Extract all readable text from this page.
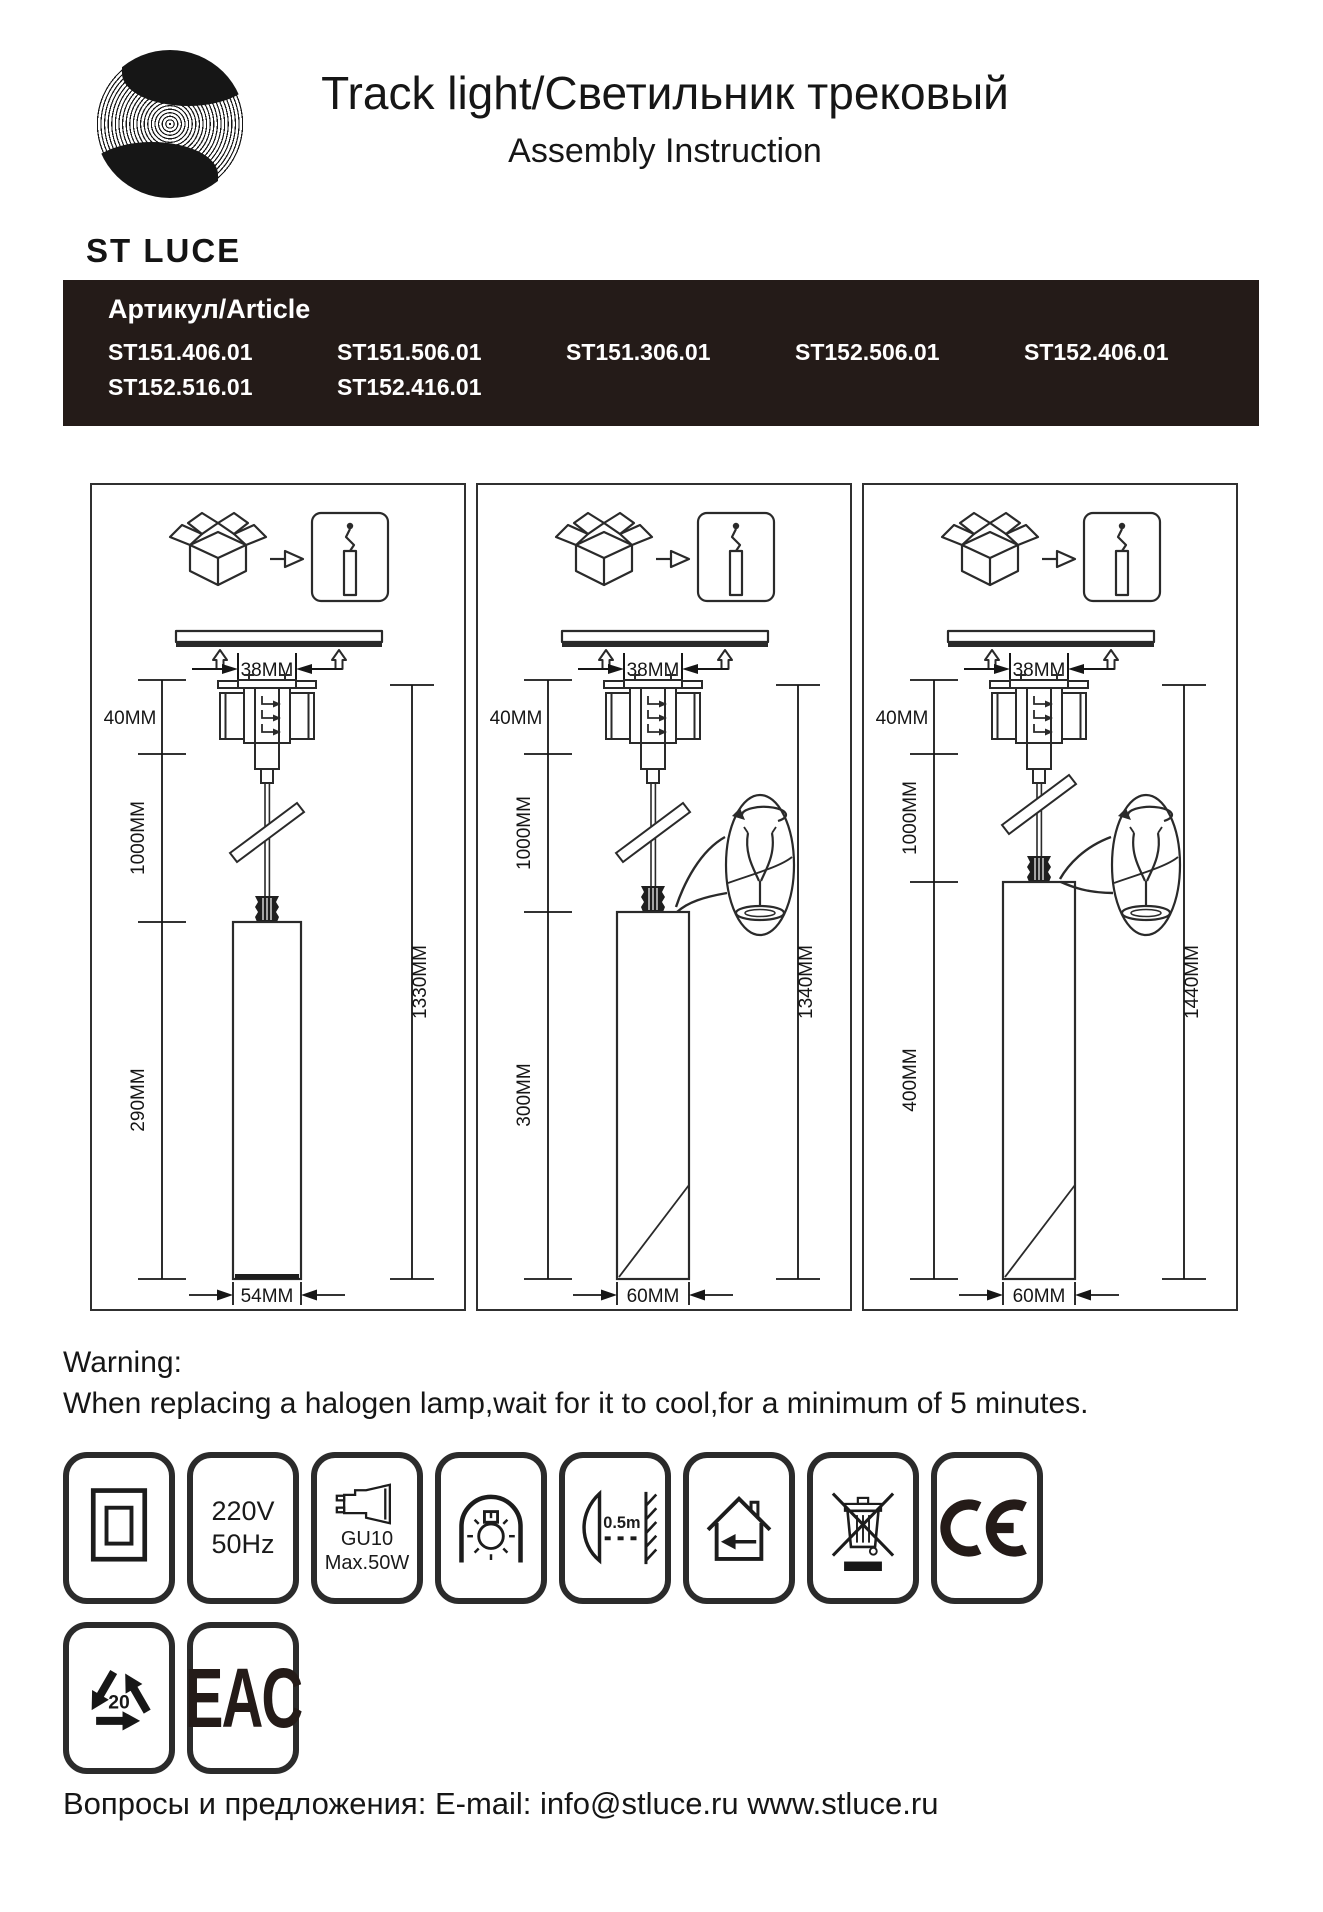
ST LUCE
Track light/Светильник трековый
Assembly Instruction
Артикул/Article
ST151.406.01	ST151.506.01	ST151.306.01	ST152.506.01	ST152.406.01
ST152.516.01	ST152.416.01
38MM
40MM
1000MM
290MM
1330MM
54MM
38MM
40MM
1000MM
300MM
1340MM
60MM
38MM
40MM
1000MM
400MM
1440MM
60MM
Warning:
When replacing a halogen lamp,wait for it to cool,for a minimum of 5 minutes.
220V
50Hz	GU10
Max.50W
0.5m
20 EAC
Вопросы и предложения: E-mail: info@stluce.ru www.stluce.ru
